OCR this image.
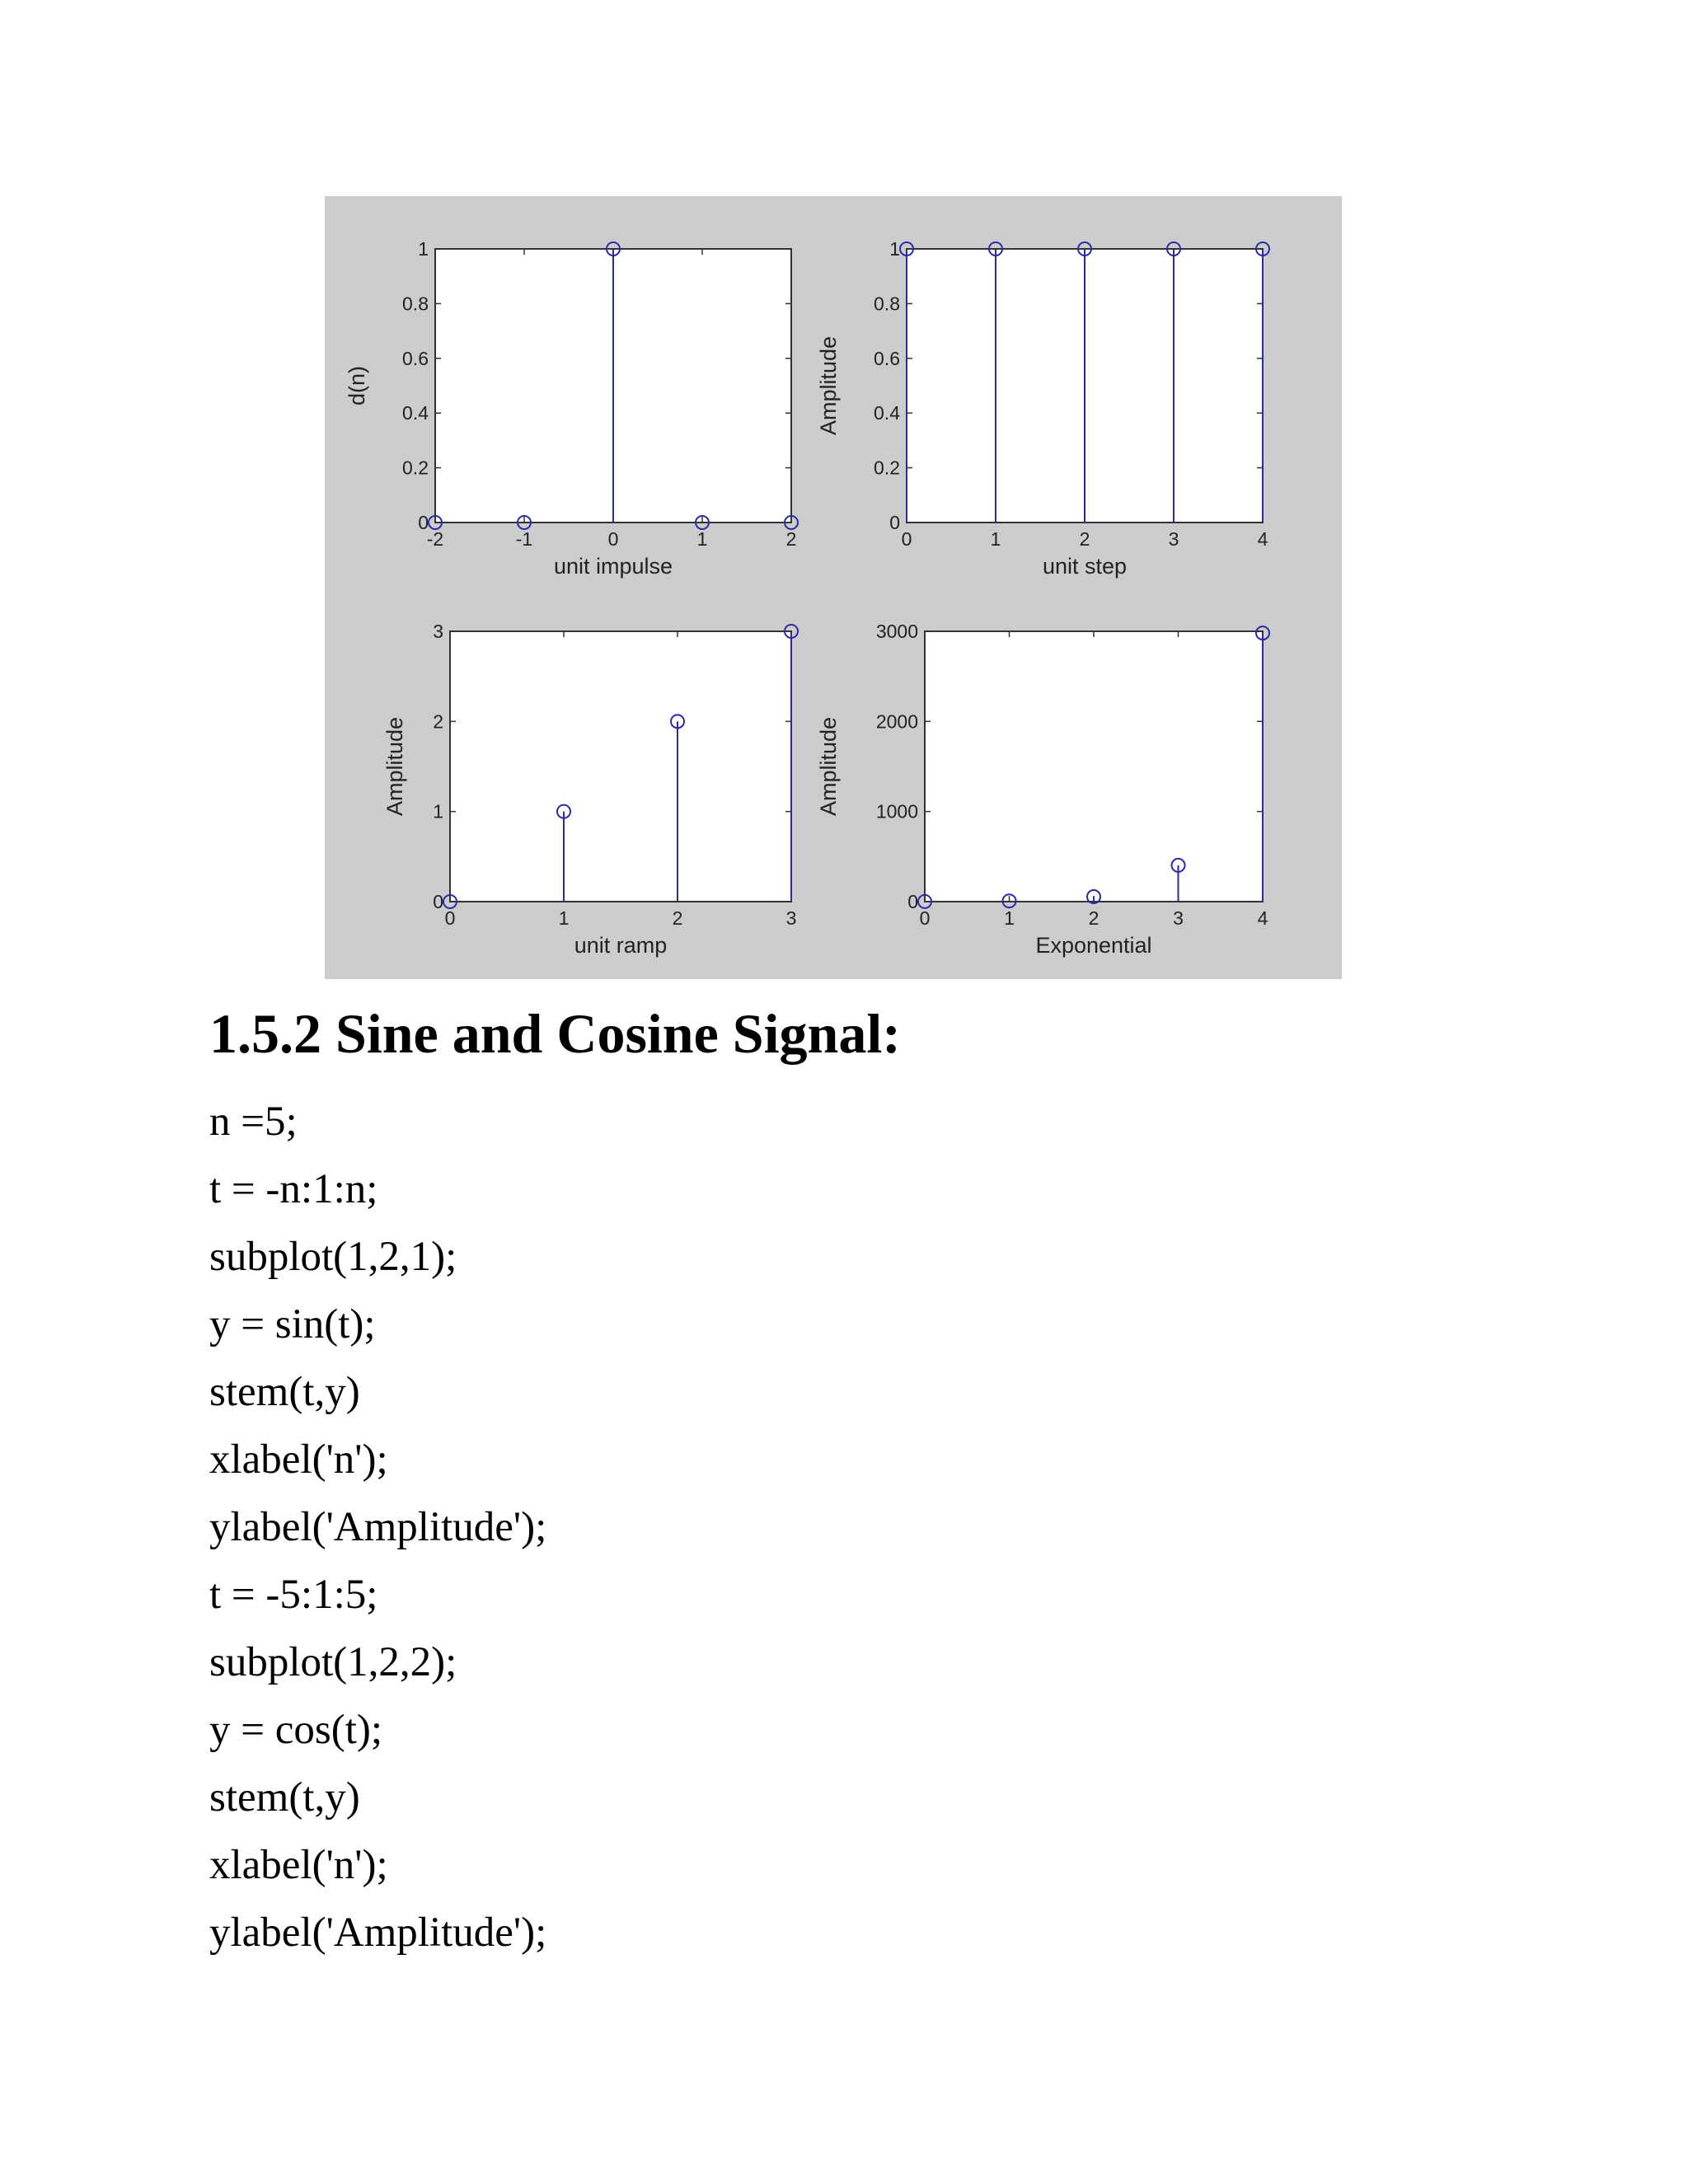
-2	-1	0	1	2
0
0.2
0.4
0.6
0.8
1
unit impulse
d(n)
0	1	2	3	4
0
0.2
0.4
0.6
0.8
1
unit step
Amplitude
0	1	2	3
0
1
2
3
unit ramp
Amplitude
0	1	2	3	4
0
1000
2000
3000
Exponential
Amplitude
1.5.2 Sine and Cosine Signal:
n =5;
t = -n:1:n;
subplot(1,2,1);
y = sin(t);
stem(t,y)
xlabel('n');
ylabel('Amplitude');
t = -5:1:5;
subplot(1,2,2);
y = cos(t);
stem(t,y)
xlabel('n');
ylabel('Amplitude');
